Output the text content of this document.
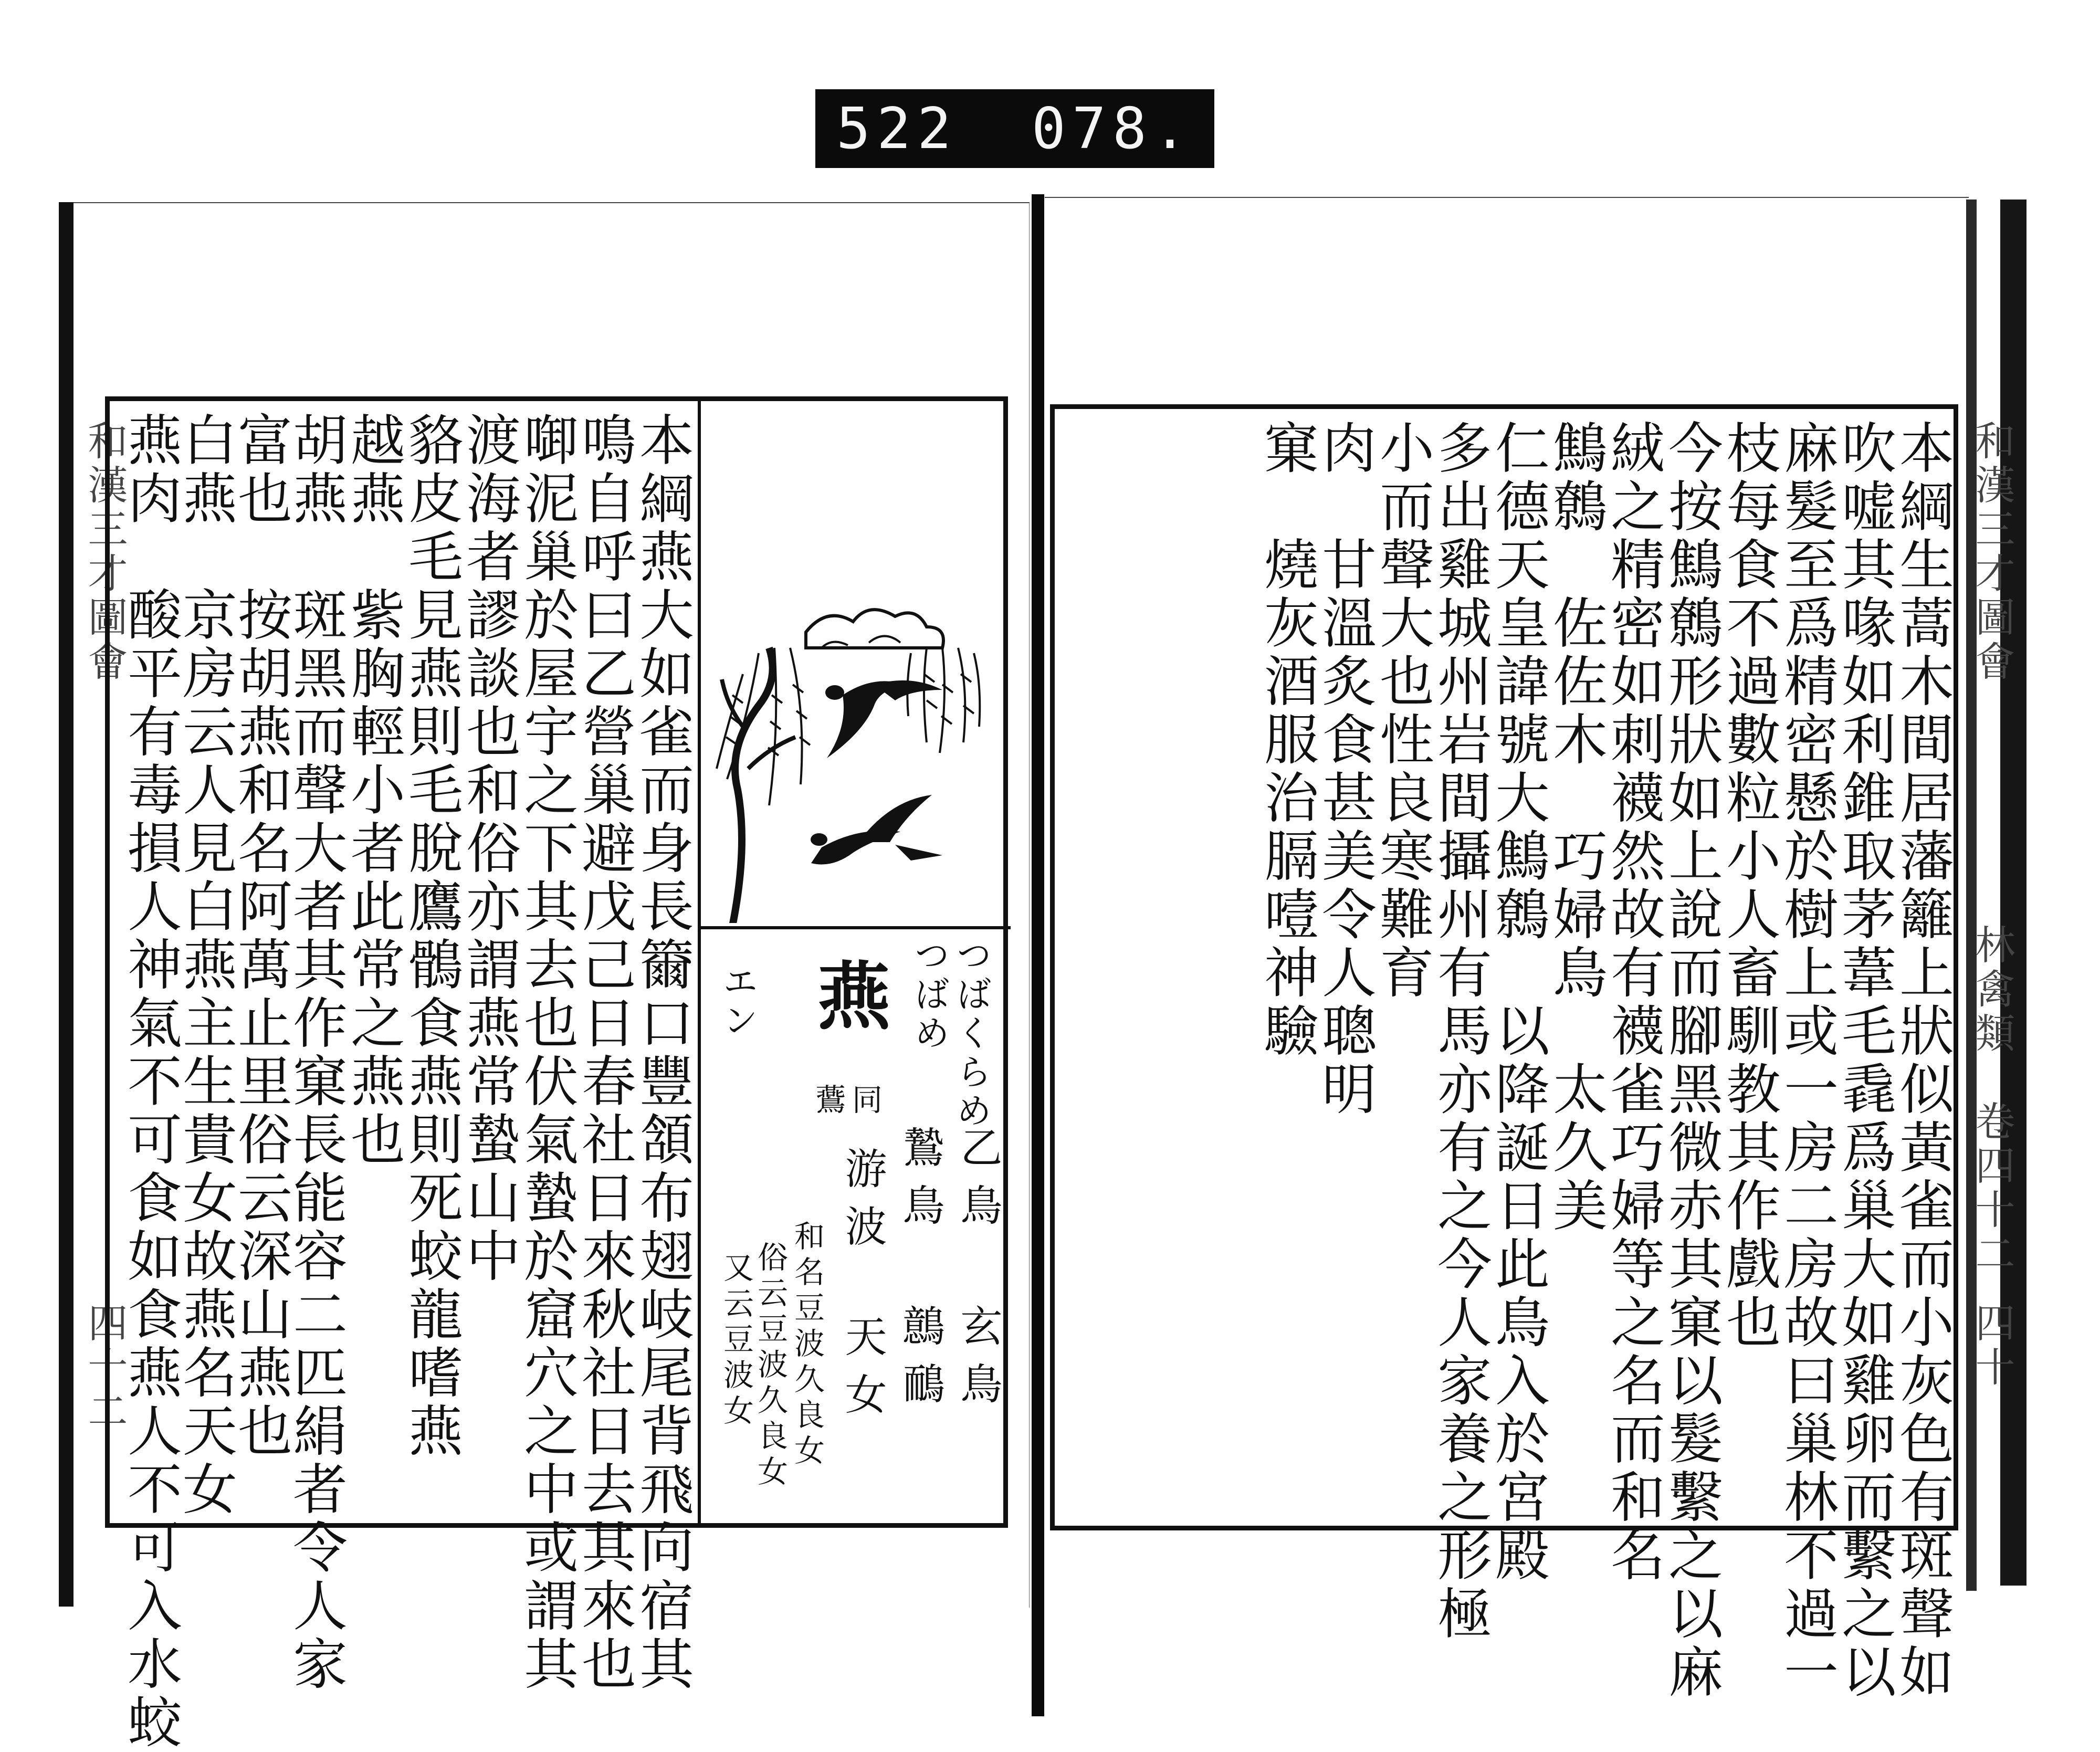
522 078.
和漢三才圖會	和漢三才圖會
林禽類　卷四十二
四十
四十二	本綱燕大如雀而身長籋口豐頷布翅岐尾背飛向宿其
鳴自呼曰乙營巢避戊己日春社日來秋社日去其來也
啣泥巢於屋宇之下其去也伏氣蟄於窟穴之中或謂其
渡海者謬談也和俗亦謂燕常蟄山中
貉皮毛見燕則毛脫鷹鶻食燕則死蛟龍嗜燕
越燕　紫胸輕小者此常之燕也
胡燕　斑黑而聲大者其作窠長能容二匹絹者令人家
富也　按胡燕和名阿萬止里俗云深山燕也
白燕　京房云人見白燕主生貴女故燕名天女
燕肉　酸平有毒損人神氣不可食如食燕人不可入水蛟	燕
エン	つばくらめ
つばめ
鷰 同
乙鳥
玄鳥
鷙鳥
鷾鴯
游波
天女
和名豆波久良女
俗云豆波久良女
又云豆波女	本綱生蒿木間居藩籬上狀似黃雀而小灰色有斑聲如
吹嘘其喙如利錐取茅葦毛毳爲巢大如雞卵而繫之以
麻髮至爲精密懸於樹上或一房二房故曰巢林不過一
枝每食不過數粒小人畜馴教其作戲也
今按鷦鷯形狀如上說而腳黑微赤其窠以髮繫之以麻
絨之精密如刺襪然故有襪雀巧婦等之名而和名
鷦鷯　佐佐木　巧婦鳥　太久美
仁德天皇諱號大鷦鷯　以降誕日此鳥入於宮殿
多出雞城州岩間攝州有馬亦有之今人家養之形極
小而聲大也性良寒難育
肉　甘溫炙食甚美令人聰明
窠　燒灰酒服治膈噎神驗
